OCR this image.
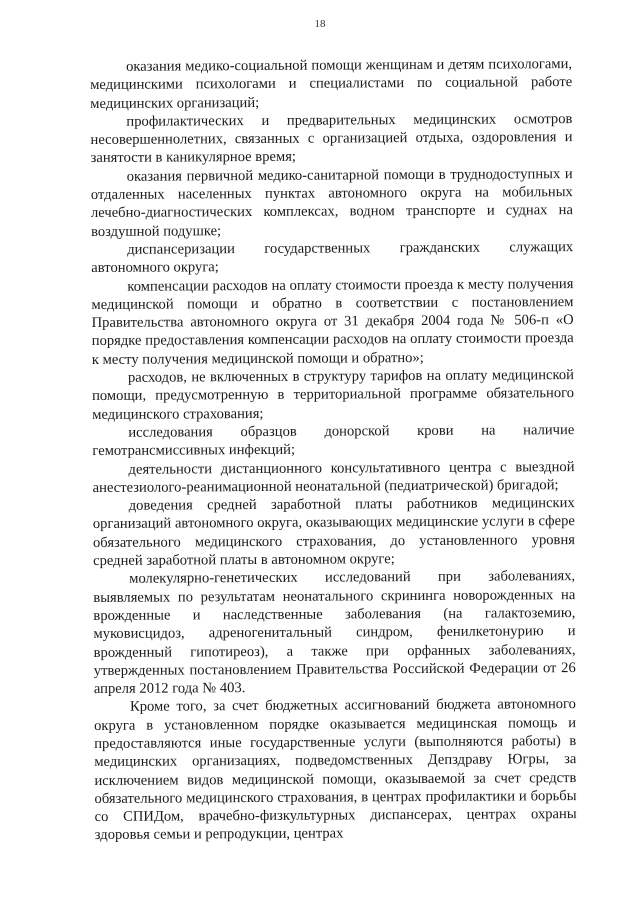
18

оказания медико-социальной помощи женщинам и детям психологами, медицинскими психологами и специалистами по социальной работе медицинских организаций;

профилактических и предварительных медицинских осмотров несовершеннолетних, связанных с организацией отдыха, оздоровления и занятости в каникулярное время;

оказания первичной медико-санитарной помощи в труднодоступных и отдаленных населенных пунктах автономного округа на мобильных лечебно-диагностических комплексах, водном транспорте и суднах на воздушной подушке;

диспансеризации государственных гражданских служащих автономного округа;

компенсации расходов на оплату стоимости проезда к месту получения медицинской помощи и обратно в соответствии с постановлением Правительства автономного округа от 31 декабря 2004 года № 506-п «О порядке предоставления компенсации расходов на оплату стоимости проезда к месту получения медицинской помощи и обратно»;

расходов, не включенных в структуру тарифов на оплату медицинской помощи, предусмотренную в территориальной программе обязательного медицинского страхования;

исследования образцов донорской крови на наличие гемотрансмиссивных инфекций;

деятельности дистанционного консультативного центра с выездной анестезиолого-реанимационной неонатальной (педиатрической) бригадой;

доведения средней заработной платы работников медицинских организаций автономного округа, оказывающих медицинские услуги в сфере обязательного медицинского страхования, до установленного уровня средней заработной платы в автономном округе;

молекулярно-генетических исследований при заболеваниях, выявляемых по результатам неонатального скрининга новорожденных на врожденные и наследственные заболевания (на галактоземию, муковисцидоз, адреногенитальный синдром, фенилкетонурию и врожденный гипотиреоз), а также при орфанных заболеваниях, утвержденных постановлением Правительства Российской Федерации от 26 апреля 2012 года № 403.

Кроме того, за счет бюджетных ассигнований бюджета автономного округа в установленном порядке оказывается медицинская помощь и предоставляются иные государственные услуги (выполняются работы) в медицинских организациях, подведомственных Депздраву Югры, за исключением видов медицинской помощи, оказываемой за счет средств обязательного медицинского страхования, в центрах профилактики и борьбы со СПИДом, врачебно-физкультурных диспансерах, центрах охраны здоровья семьи и репродукции, центрах
